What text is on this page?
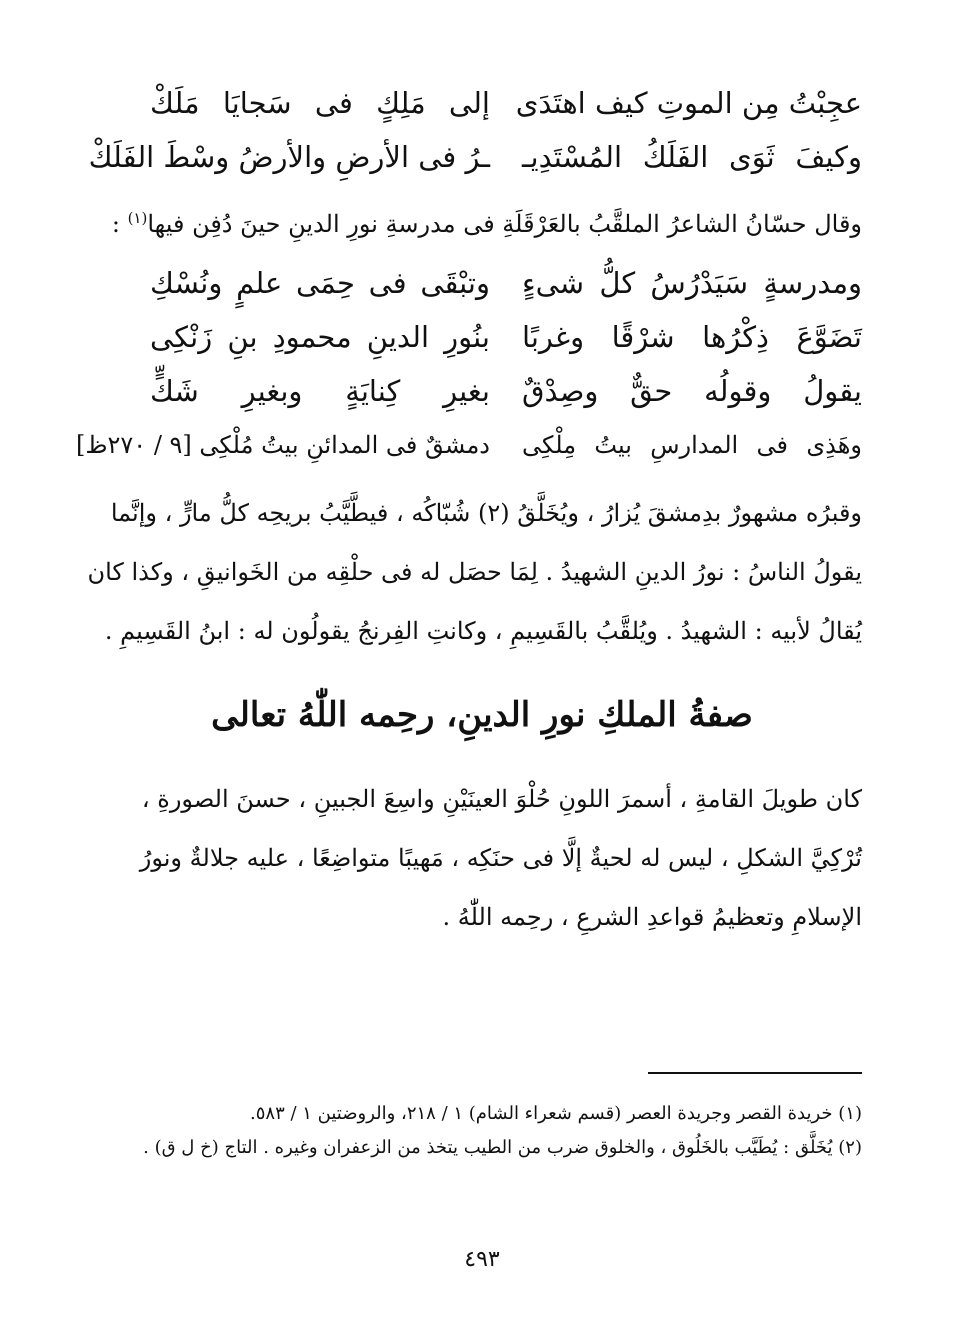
عجِبْتُ مِن الموتِ كيف اهتَدَى
إلى مَلِكٍ فى سَجايَا مَلَكْ
وكيفَ ثَوَى الفَلَكُ المُسْتَدِيـ
ـرُ فى الأرضِ والأرضُ وسْطَ الفَلَكْ
وقال حسّانُ الشاعرُ الملقَّبُ بالعَرْقَلَةِ فى مدرسةِ نورِ الدينِ حينَ دُفِن فيها$^{(١)}$ :
ومدرسةٍ سَيَدْرُسُ كلُّ شىءٍ
وتبْقَى فى حِمَى علمٍ ونُسْكِ
تَضَوَّعَ ذِكْرُها شرْقًا وغربًا
بنُورِ الدينِ محمودِ بنِ زَنْكِى
يقولُ وقولُه حقٌّ وصِدْقٌ
بغيرِ كِنايَةٍ وبغيرِ شَكٍّ
وهَذِى فى المدارسِ بيتُ مِلْكِى
دمشقٌ فى المدائنِ بيتُ مُلْكِى [٩ / ٢٧٠ظ]
وقبرُه مشهورٌ بدِمشقَ يُزارُ ، ويُخَلَّقُ (٢) شُبّاكُه ، فيطَّيَّبُ بريحِه كلُّ مارٍّ ، وإنَّما
يقولُ الناسُ : نورُ الدينِ الشهيدُ . لِمَا حصَل له فى حلْقِه من الخَوانيقِ ، وكذا كان
يُقالُ لأبيه : الشهيدُ . ويُلقَّبُ بالقَسِيمِ ، وكانتِ الفِرنجُ يقولُون له : ابنُ القَسِيمِ .
صفةُ الملكِ نورِ الدينِ، رحِمه اللّٰهُ تعالى
كان طويلَ القامةِ ، أسمرَ اللونِ حُلْوَ العينَيْنِ واسِعَ الجبينِ ، حسنَ الصورةِ ،
تُرْكِيَّ الشكلِ ، ليس له لحيةٌ إلَّا فى حنَكِه ، مَهيبًا متواضِعًا ، عليه جلالةٌ ونورُ
الإسلامِ وتعظيمُ قواعدِ الشرعِ ، رحِمه اللّٰهُ .
(١) خريدة القصر وجريدة العصر (قسم شعراء الشام) ١ / ٢١٨، والروضتين ١ / ٥٨٣.
(٢) يُخَلَّق : يُطَيَّب بالخَلُوق ، والخلوق ضرب من الطيب يتخذ من الزعفران وغيره . التاج (خ ل ق) .
٤٩٣
